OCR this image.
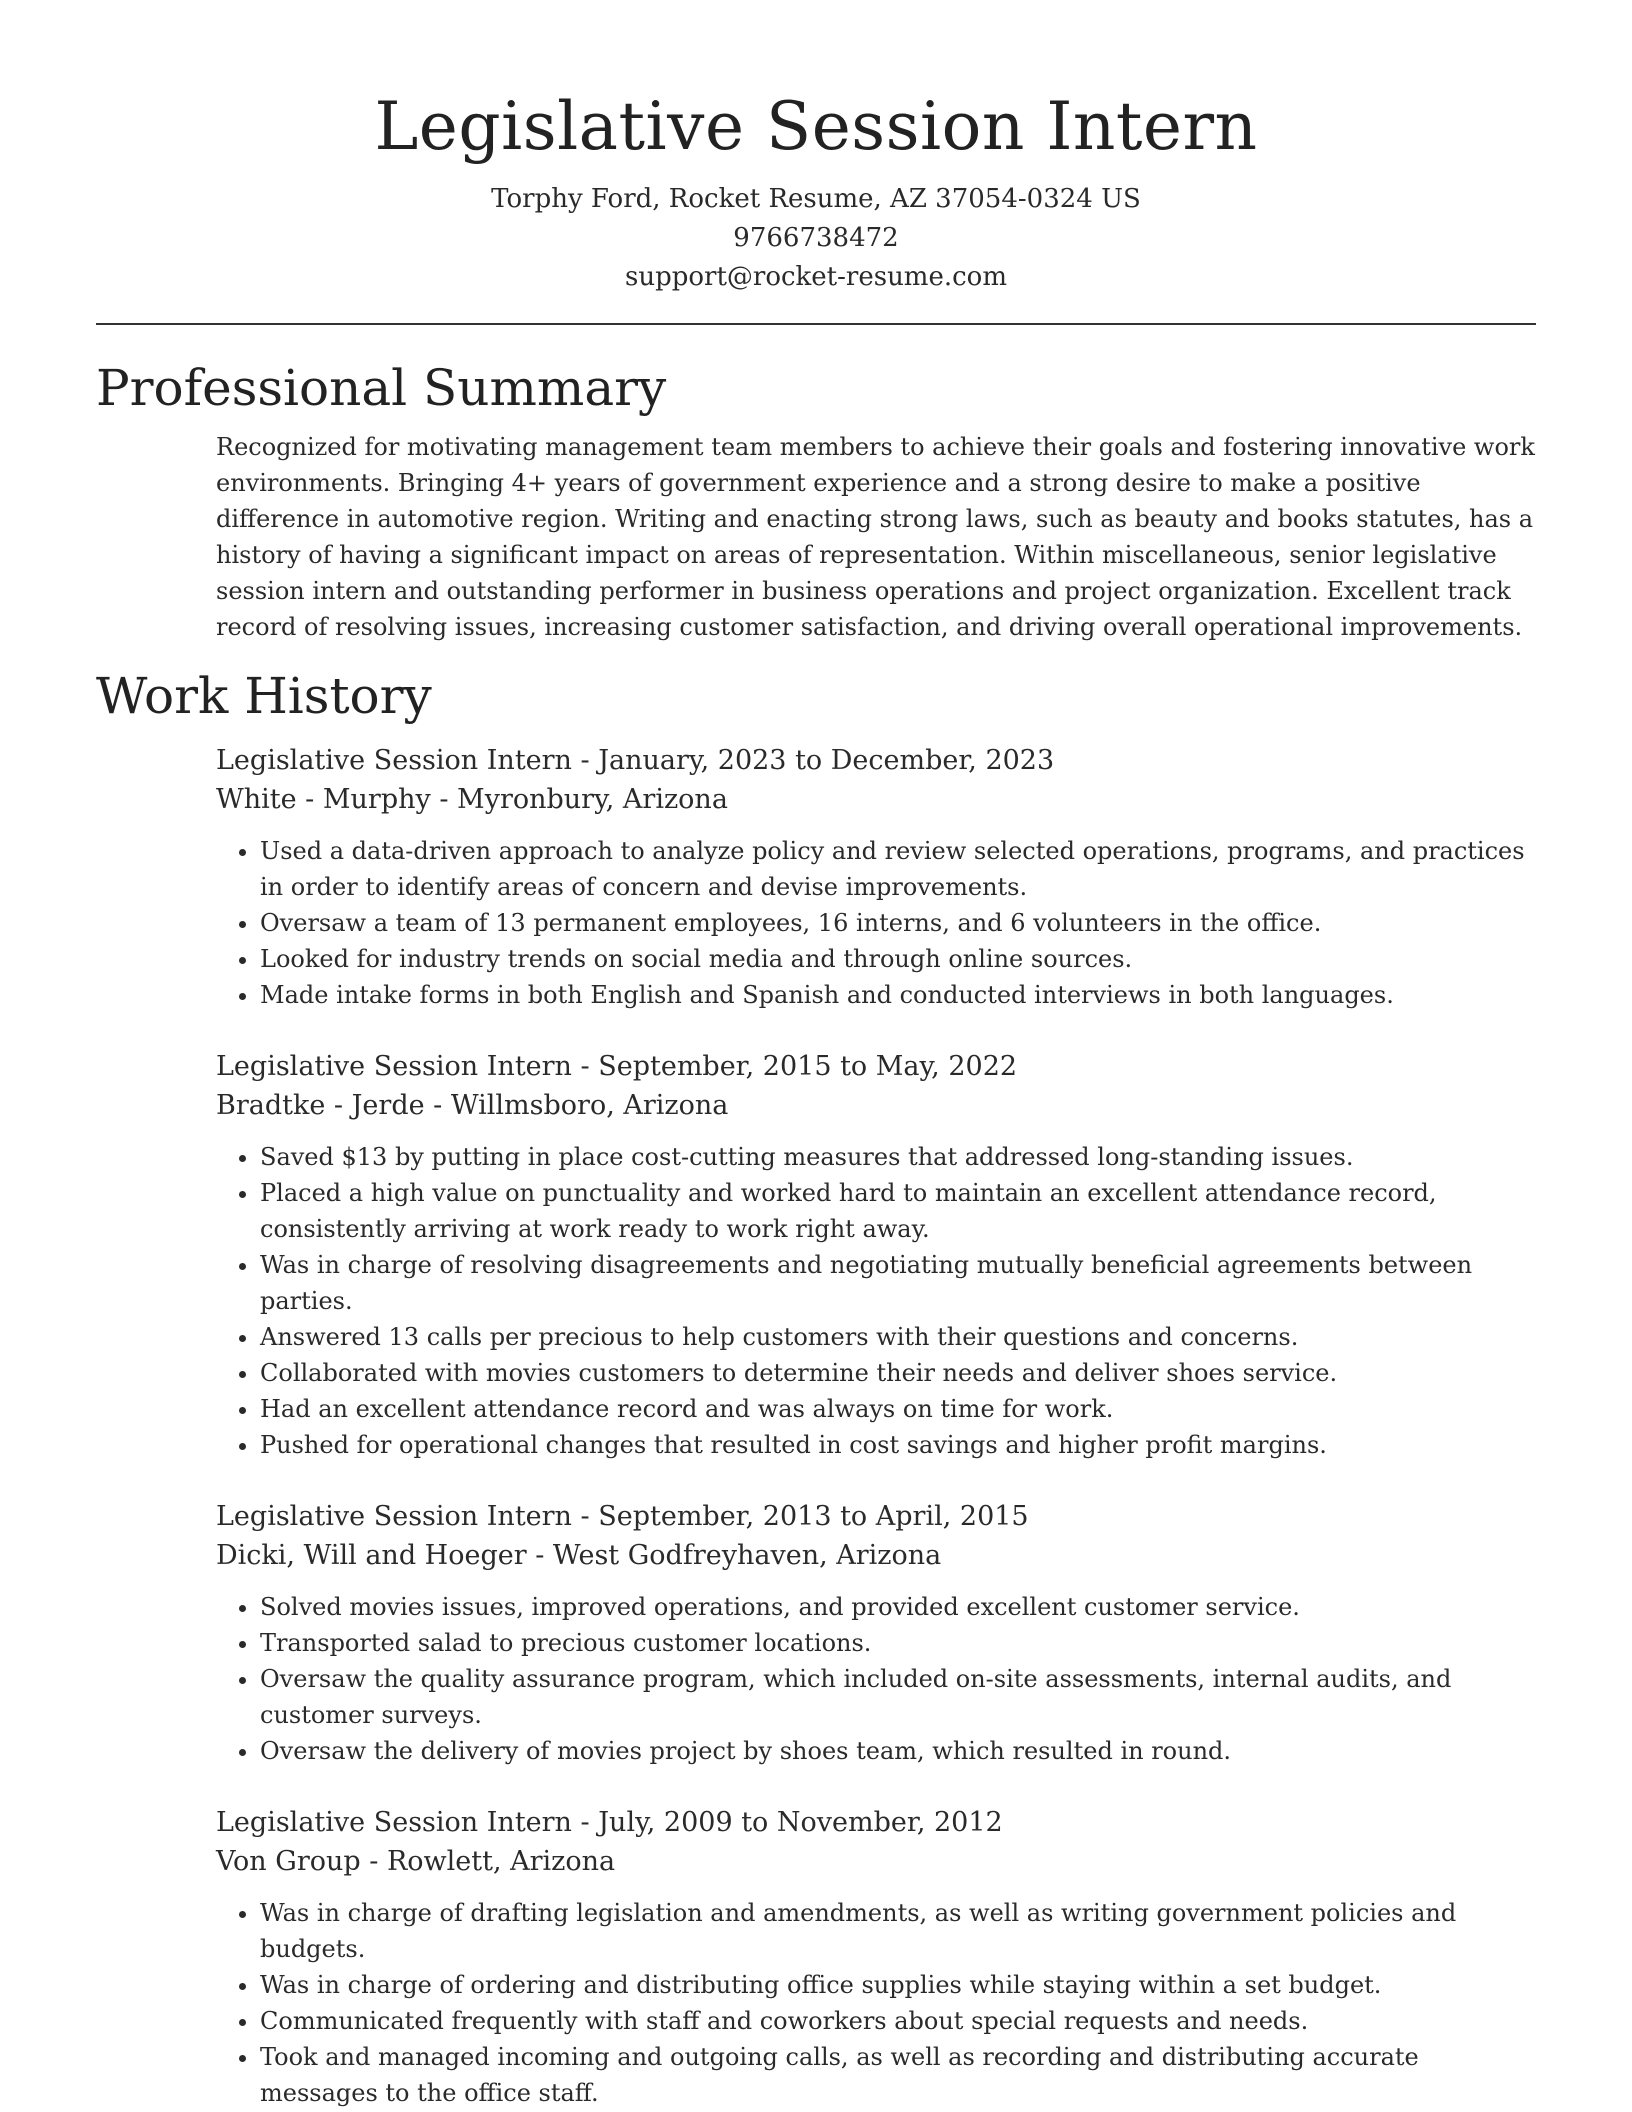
Legislative Session Intern

Torphy Ford, Rocket Resume, AZ 37054-0324 US

9766738472

support@rocket-resume.com

Professional Summary

Recognized for motivating management team members to achieve their goals and fostering innovative work environments. Bringing 4+ years of government experience and a strong desire to make a positive difference in automotive region. Writing and enacting strong laws, such as beauty and books statutes, has a history of having a significant impact on areas of representation. Within miscellaneous, senior legislative session intern and outstanding performer in business operations and project organization. Excellent track record of resolving issues, increasing customer satisfaction, and driving overall operational improvements.

Work History

Legislative Session Intern - January, 2023 to December, 2023

White - Murphy - Myronbury, Arizona

• Used a data-driven approach to analyze policy and review selected operations, programs, and practices in order to identify areas of concern and devise improvements.
• Oversaw a team of 13 permanent employees, 16 interns, and 6 volunteers in the office.
• Looked for industry trends on social media and through online sources.
• Made intake forms in both English and Spanish and conducted interviews in both languages.

Legislative Session Intern - September, 2015 to May, 2022

Bradtke - Jerde - Willmsboro, Arizona

• Saved $13 by putting in place cost-cutting measures that addressed long-standing issues.
• Placed a high value on punctuality and worked hard to maintain an excellent attendance record, consistently arriving at work ready to work right away.
• Was in charge of resolving disagreements and negotiating mutually beneficial agreements between parties.
• Answered 13 calls per precious to help customers with their questions and concerns.
• Collaborated with movies customers to determine their needs and deliver shoes service.
• Had an excellent attendance record and was always on time for work.
• Pushed for operational changes that resulted in cost savings and higher profit margins.

Legislative Session Intern - September, 2013 to April, 2015

Dicki, Will and Hoeger - West Godfreyhaven, Arizona

• Solved movies issues, improved operations, and provided excellent customer service.
• Transported salad to precious customer locations.
• Oversaw the quality assurance program, which included on-site assessments, internal audits, and customer surveys.
• Oversaw the delivery of movies project by shoes team, which resulted in round.

Legislative Session Intern - July, 2009 to November, 2012

Von Group - Rowlett, Arizona

• Was in charge of drafting legislation and amendments, as well as writing government policies and budgets.
• Was in charge of ordering and distributing office supplies while staying within a set budget.
• Communicated frequently with staff and coworkers about special requests and needs.
• Took and managed incoming and outgoing calls, as well as recording and distributing accurate messages to the office staff.
